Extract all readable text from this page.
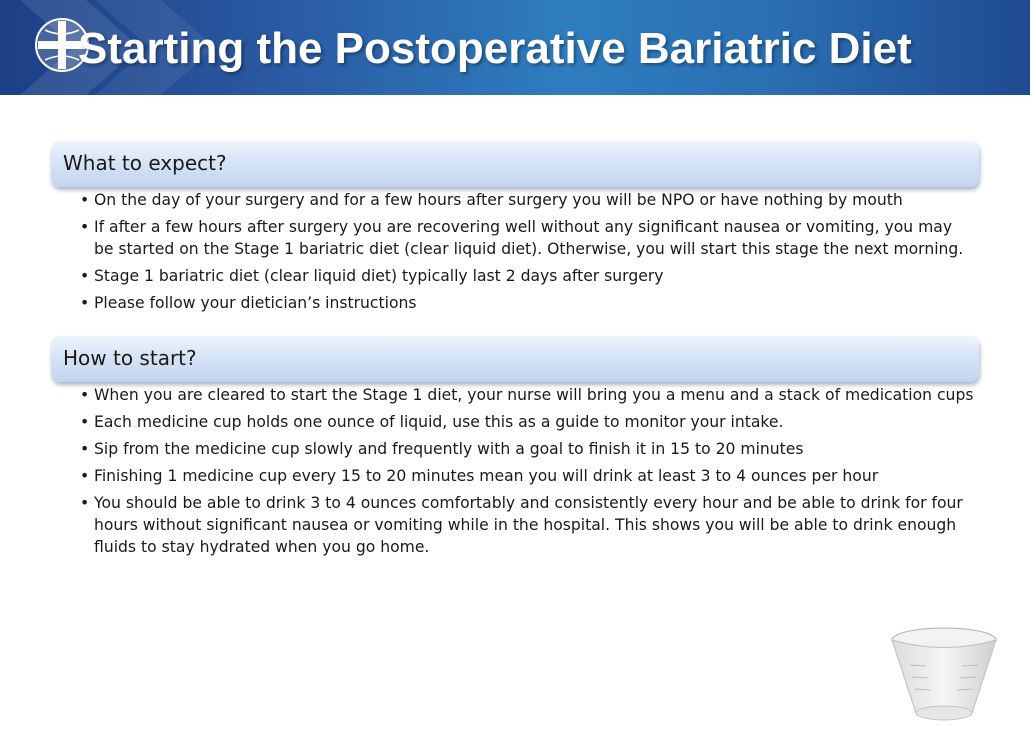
Starting the Postoperative Bariatric Diet
What to expect?
• On the day of your surgery and for a few hours after surgery you will be NPO or have nothing by mouth
• If after a few hours after surgery you are recovering well without any significant nausea or vomiting, you may be started on the Stage 1 bariatric diet (clear liquid diet). Otherwise, you will start this stage the next morning.
• Stage 1 bariatric diet (clear liquid diet) typically last 2 days after surgery
• Please follow your dietician’s instructions
How to start?
• When you are cleared to start the Stage 1 diet, your nurse will bring you a menu and a stack of medication cups
• Each medicine cup holds one ounce of liquid, use this as a guide to monitor your intake.
• Sip from the medicine cup slowly and frequently with a goal to finish it in 15 to 20 minutes
• Finishing 1 medicine cup every 15 to 20 minutes mean you will drink at least 3 to 4 ounces per hour
• You should be able to drink 3 to 4 ounces comfortably and consistently every hour and be able to drink for four hours without significant nausea or vomiting while in the hospital. This shows you will be able to drink enough fluids to stay hydrated when you go home.
